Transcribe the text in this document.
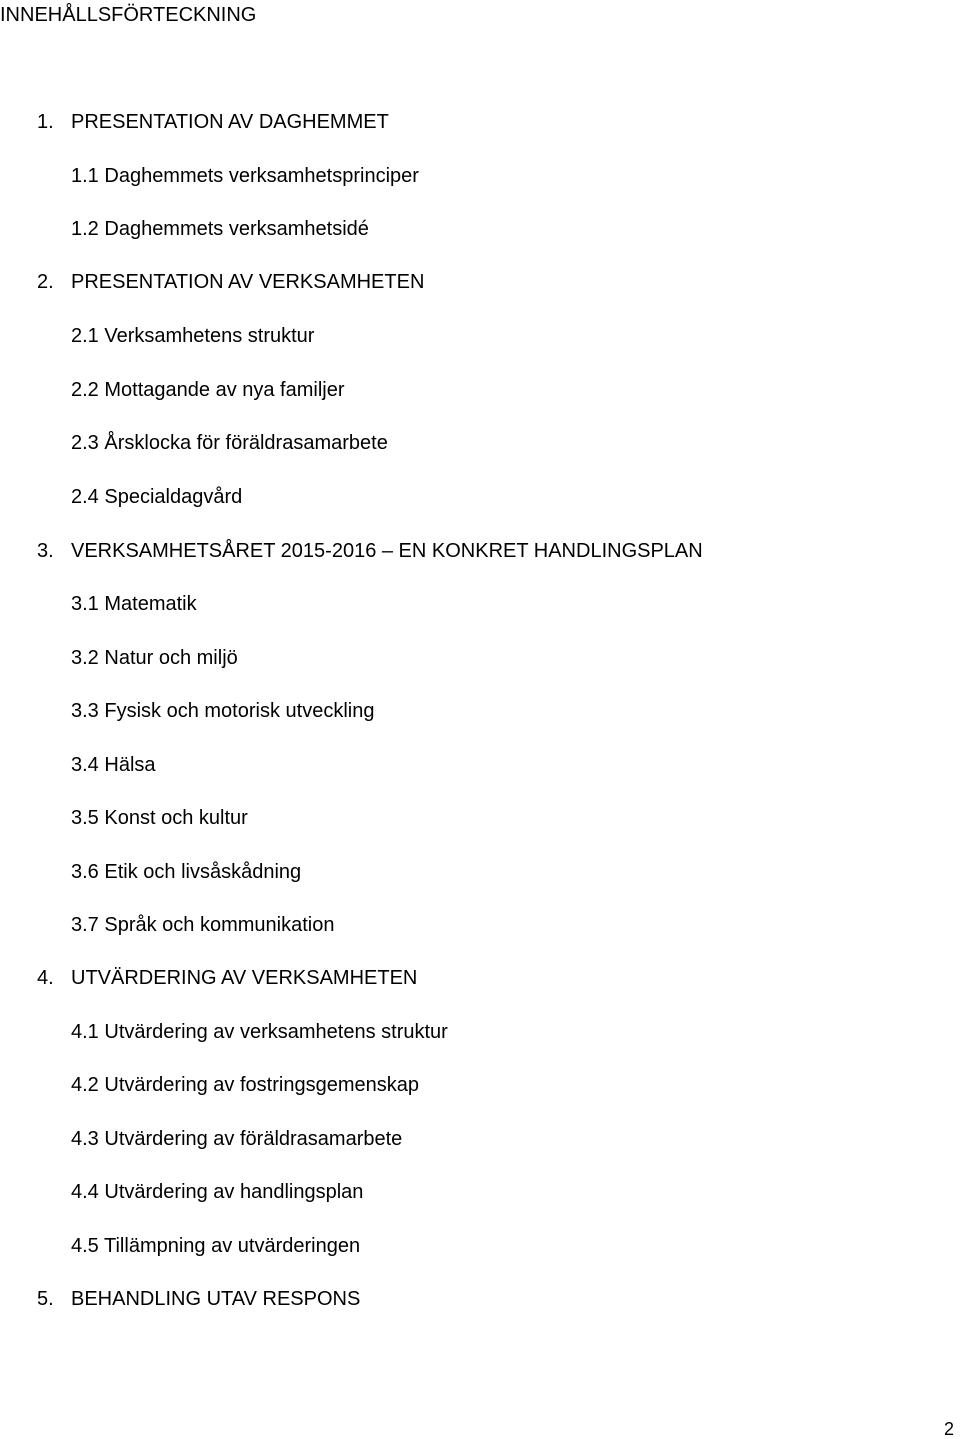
INNEHÅLLSFÖRTECKNING
1. PRESENTATION AV DAGHEMMET
1.1 Daghemmets verksamhetsprinciper
1.2 Daghemmets verksamhetsidé
2. PRESENTATION AV VERKSAMHETEN
2.1 Verksamhetens struktur
2.2 Mottagande av nya familjer
2.3 Årsklocka för föräldrasamarbete
2.4 Specialdagvård
3. VERKSAMHETSÅRET 2015-2016 – EN KONKRET HANDLINGSPLAN
3.1 Matematik
3.2 Natur och miljö
3.3 Fysisk och motorisk utveckling
3.4 Hälsa
3.5 Konst och kultur
3.6 Etik och livsåskådning
3.7 Språk och kommunikation
4. UTVÄRDERING AV VERKSAMHETEN
4.1 Utvärdering av verksamhetens struktur
4.2 Utvärdering av fostringsgemenskap
4.3 Utvärdering av föräldrasamarbete
4.4 Utvärdering av handlingsplan
4.5 Tillämpning av utvärderingen
5. BEHANDLING UTAV RESPONS
2
